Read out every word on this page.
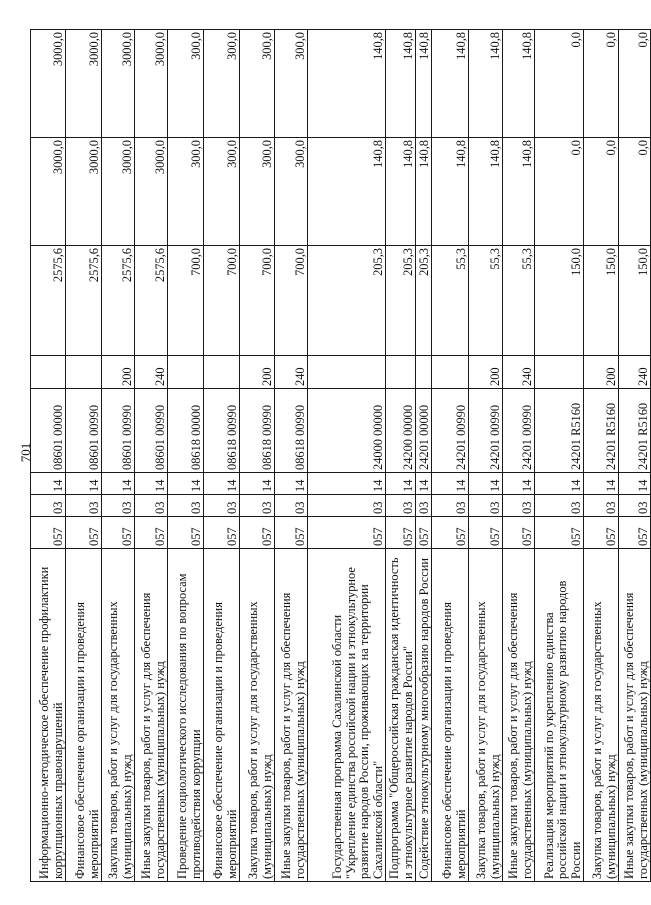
701
Информационно-методическое обеспечение профилактики коррупционных правонарушений	057	03	14	08601 00000		2575,6	3000,0	3000,0
Финансовое обеспечение организации и проведения мероприятий	057	03	14	08601 00990		2575,6	3000,0	3000,0
Закупка товаров, работ и услуг для государственных (муниципальных) нужд	057	03	14	08601 00990	200	2575,6	3000,0	3000,0
Иные закупки товаров, работ и услуг для обеспечения государственных (муниципальных) нужд	057	03	14	08601 00990	240	2575,6	3000,0	3000,0
Проведение социологического исследования по вопросам противодействия коррупции	057	03	14	08618 00000		700,0	300,0	300,0
Финансовое обеспечение организации и проведения мероприятий	057	03	14	08618 00990		700,0	300,0	300,0
Закупка товаров, работ и услуг для государственных (муниципальных) нужд	057	03	14	08618 00990	200	700,0	300,0	300,0
Иные закупки товаров, работ и услуг для обеспечения государственных (муниципальных) нужд	057	03	14	08618 00990	240	700,0	300,0	300,0
Государственная программа Сахалинской области "Укрепление единства российской нации и этнокультурное развитие народов России, проживающих на территории Сахалинской области"	057	03	14	24000 00000		205,3	140,8	140,8
Подпрограмма "Общероссийская гражданская идентичность и этнокультурное развитие народов России"	057	03	14	24200 00000		205,3	140,8	140,8
Содействие этнокультурному многообразию народов России	057	03	14	24201 00000		205,3	140,8	140,8
Финансовое обеспечение организации и проведения мероприятий	057	03	14	24201 00990		55,3	140,8	140,8
Закупка товаров, работ и услуг для государственных (муниципальных) нужд	057	03	14	24201 00990	200	55,3	140,8	140,8
Иные закупки товаров, работ и услуг для обеспечения государственных (муниципальных) нужд	057	03	14	24201 00990	240	55,3	140,8	140,8
Реализация мероприятий по укреплению единства российской нации и этнокультурному развитию народов России	057	03	14	24201 R5160		150,0	0,0	0,0
Закупка товаров, работ и услуг для государственных (муниципальных) нужд	057	03	14	24201 R5160	200	150,0	0,0	0,0
Иные закупки товаров, работ и услуг для обеспечения государственных (муниципальных) нужд	057	03	14	24201 R5160	240	150,0	0,0	0,0
